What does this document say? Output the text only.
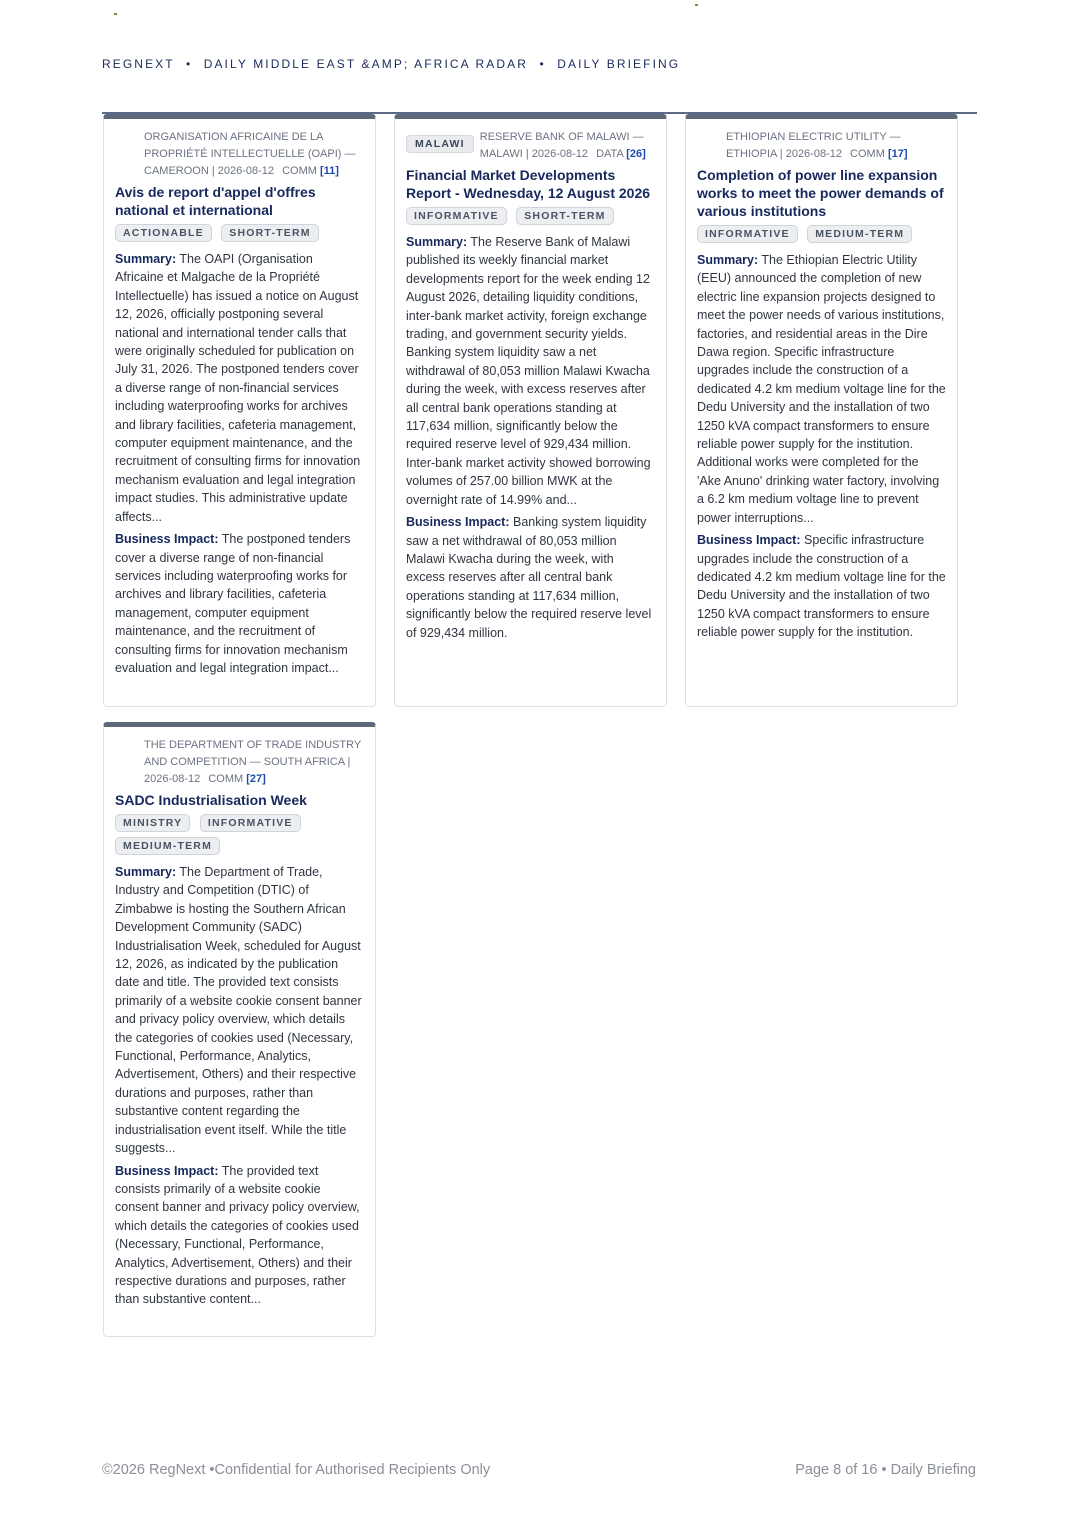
REGNEXT • DAILY MIDDLE EAST &AMP; AFRICA RADAR • DAILY BRIEFING
ORGANISATION AFRICAINE DE LA PROPRIÉTÉ INTELLECTUELLE (OAPI) — CAMEROON | 2026-08-12 COMM [11]
Avis de report d'appel d'offres national et international
ACTIONABLE SHORT-TERM

Summary: The OAPI (Organisation Africaine et Malgache de la Propriété Intellectuelle) has issued a notice on August 12, 2026, officially postponing several national and international tender calls that were originally scheduled for publication on July 31, 2026. The postponed tenders cover a diverse range of non-financial services including waterproofing works for archives and library facilities, cafeteria management, computer equipment maintenance, and the recruitment of consulting firms for innovation mechanism evaluation and legal integration impact studies. This administrative update affects...

Business Impact: The postponed tenders cover a diverse range of non-financial services including waterproofing works for archives and library facilities, cafeteria management, computer equipment maintenance, and the recruitment of consulting firms for innovation mechanism evaluation and legal integration impact...

MALAWI
RESERVE BANK OF MALAWI — MALAWI | 2026-08-12 DATA [26]
Financial Market Developments Report - Wednesday, 12 August 2026
INFORMATIVE SHORT-TERM

Summary: The Reserve Bank of Malawi published its weekly financial market developments report for the week ending 12 August 2026, detailing liquidity conditions, inter-bank market activity, foreign exchange trading, and government security yields. Banking system liquidity saw a net withdrawal of 80,053 million Malawi Kwacha during the week, with excess reserves after all central bank operations standing at 117,634 million, significantly below the required reserve level of 929,434 million. Inter-bank market activity showed borrowing volumes of 257.00 billion MWK at the overnight rate of 14.99% and...

Business Impact: Banking system liquidity saw a net withdrawal of 80,053 million Malawi Kwacha during the week, with excess reserves after all central bank operations standing at 117,634 million, significantly below the required reserve level of 929,434 million.

ETHIOPIAN ELECTRIC UTILITY — ETHIOPIA | 2026-08-12 COMM [17]
Completion of power line expansion works to meet the power demands of various institutions
INFORMATIVE MEDIUM-TERM

Summary: The Ethiopian Electric Utility (EEU) announced the completion of new electric line expansion projects designed to meet the power needs of various institutions, factories, and residential areas in the Dire Dawa region. Specific infrastructure upgrades include the construction of a dedicated 4.2 km medium voltage line for the Dedu University and the installation of two 1250 kVA compact transformers to ensure reliable power supply for the institution. Additional works were completed for the 'Ake Anuno' drinking water factory, involving a 6.2 km medium voltage line to prevent power interruptions...

Business Impact: Specific infrastructure upgrades include the construction of a dedicated 4.2 km medium voltage line for the Dedu University and the installation of two 1250 kVA compact transformers to ensure reliable power supply for the institution.

THE DEPARTMENT OF TRADE INDUSTRY AND COMPETITION — SOUTH AFRICA | 2026-08-12 COMM [27]
SADC Industrialisation Week
MINISTRY INFORMATIVE MEDIUM-TERM

Summary: The Department of Trade, Industry and Competition (DTIC) of Zimbabwe is hosting the Southern African Development Community (SADC) Industrialisation Week, scheduled for August 12, 2026, as indicated by the publication date and title. The provided text consists primarily of a website cookie consent banner and privacy policy overview, which details the categories of cookies used (Necessary, Functional, Performance, Analytics, Advertisement, Others) and their respective durations and purposes, rather than substantive content regarding the industrialisation event itself. While the title suggests...

Business Impact: The provided text consists primarily of a website cookie consent banner and privacy policy overview, which details the categories of cookies used (Necessary, Functional, Performance, Analytics, Advertisement, Others) and their respective durations and purposes, rather than substantive content...

©2026 RegNext •Confidential for Authorised Recipients Only	Page 8 of 16 • Daily Briefing
